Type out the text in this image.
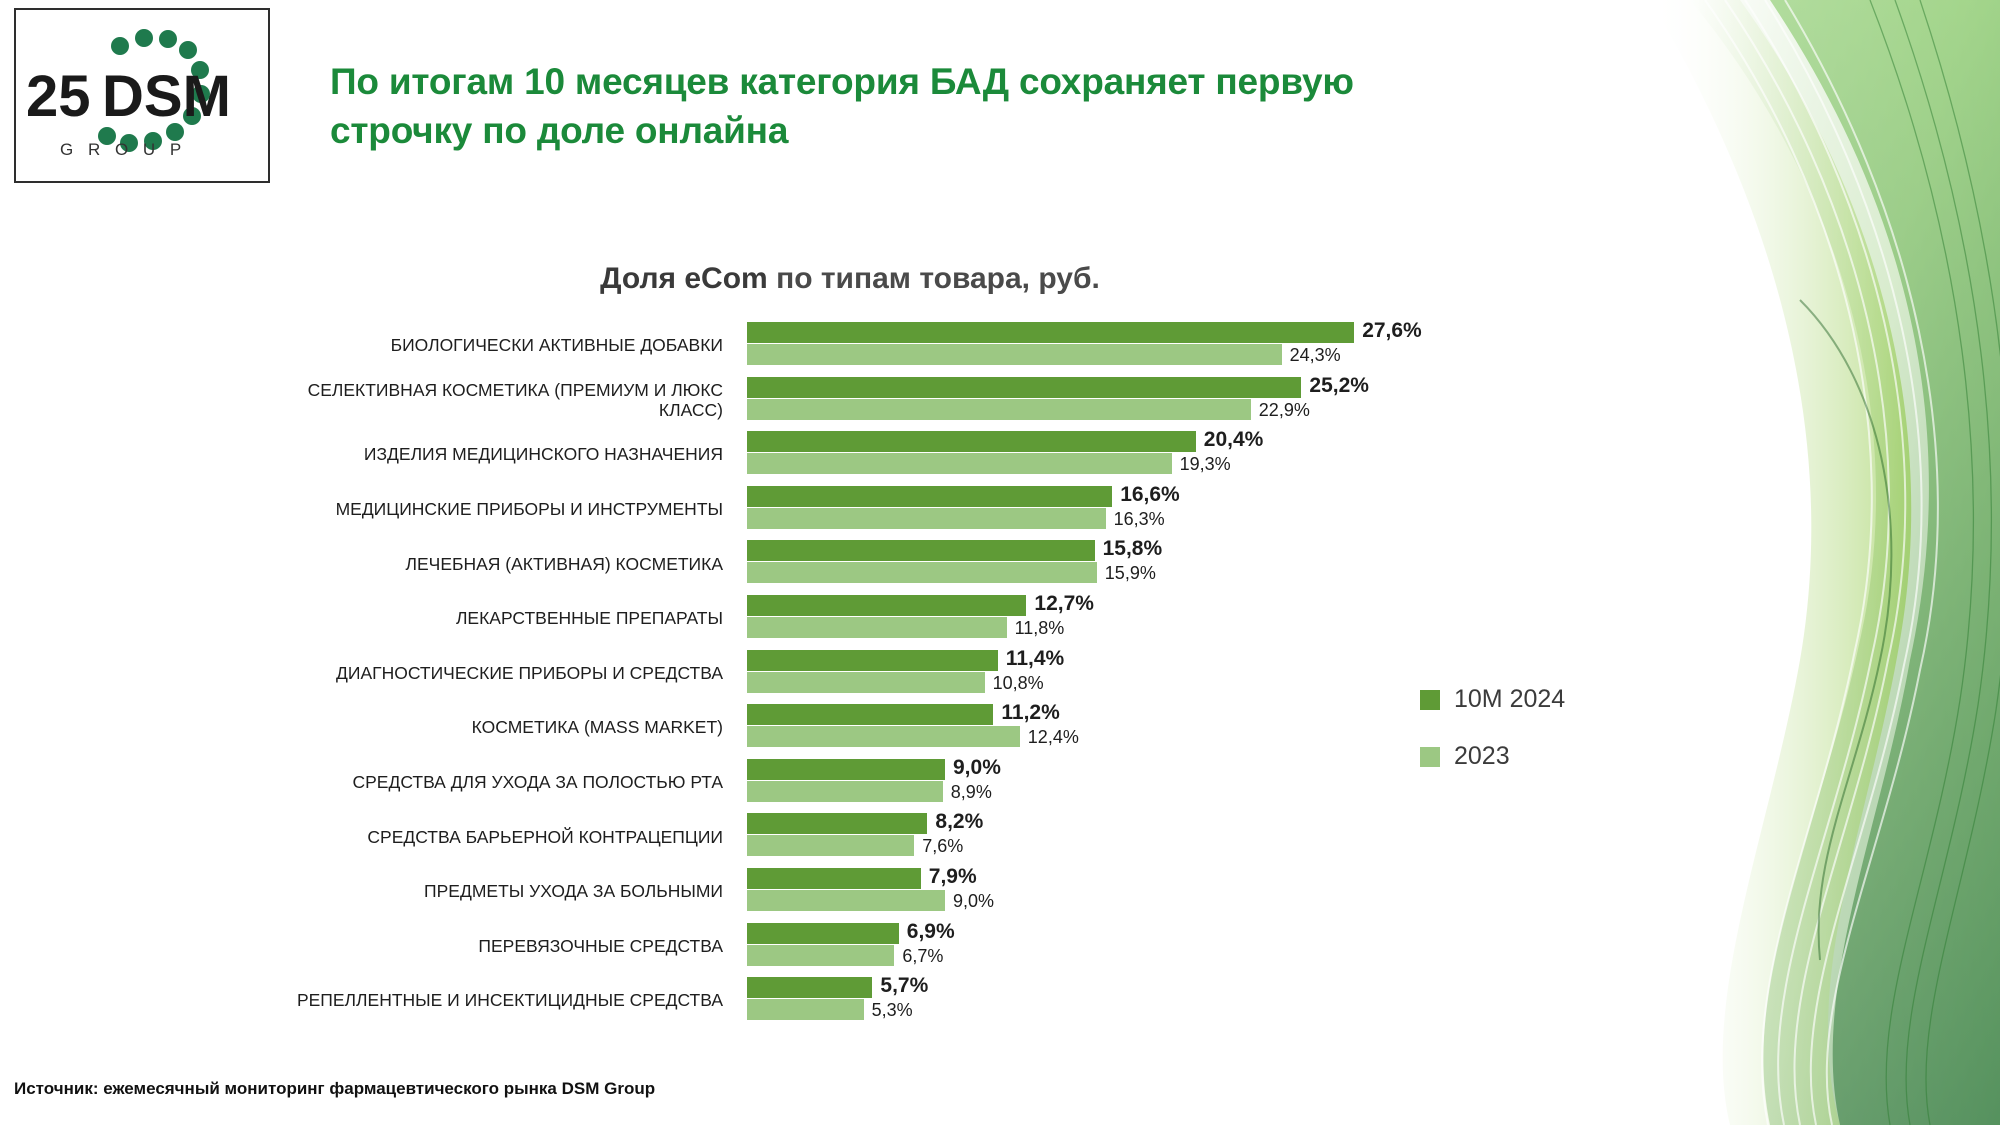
25 DSM
G R O U P
По итогам 10 месяцев категория БАД сохраняет первую строчку по доле онлайна
Доля eCom по типам товара, руб.
БИОЛОГИЧЕСКИ АКТИВНЫЕ ДОБАВКИ
27,6%
24,3%
СЕЛЕКТИВНАЯ КОСМЕТИКА (ПРЕМИУМ И ЛЮКС КЛАСС)
25,2%
22,9%
ИЗДЕЛИЯ МЕДИЦИНСКОГО НАЗНАЧЕНИЯ
20,4%
19,3%
МЕДИЦИНСКИЕ ПРИБОРЫ И ИНСТРУМЕНТЫ
16,6%
16,3%
ЛЕЧЕБНАЯ (АКТИВНАЯ) КОСМЕТИКА
15,8%
15,9%
ЛЕКАРСТВЕННЫЕ ПРЕПАРАТЫ
12,7%
11,8%
ДИАГНОСТИЧЕСКИЕ ПРИБОРЫ И СРЕДСТВА
11,4%
10,8%
КОСМЕТИКА (MASS MARKET)
11,2%
12,4%
СРЕДСТВА ДЛЯ УХОДА ЗА ПОЛОСТЬЮ РТА
9,0%
8,9%
СРЕДСТВА БАРЬЕРНОЙ КОНТРАЦЕПЦИИ
8,2%
7,6%
ПРЕДМЕТЫ УХОДА ЗА БОЛЬНЫМИ
7,9%
9,0%
ПЕРЕВЯЗОЧНЫЕ СРЕДСТВА
6,9%
6,7%
РЕПЕЛЛЕНТНЫЕ И ИНСЕКТИЦИДНЫЕ СРЕДСТВА
5,7%
5,3%
10М 2024
2023
Источник: ежемесячный мониторинг фармацевтического рынка DSM Group
